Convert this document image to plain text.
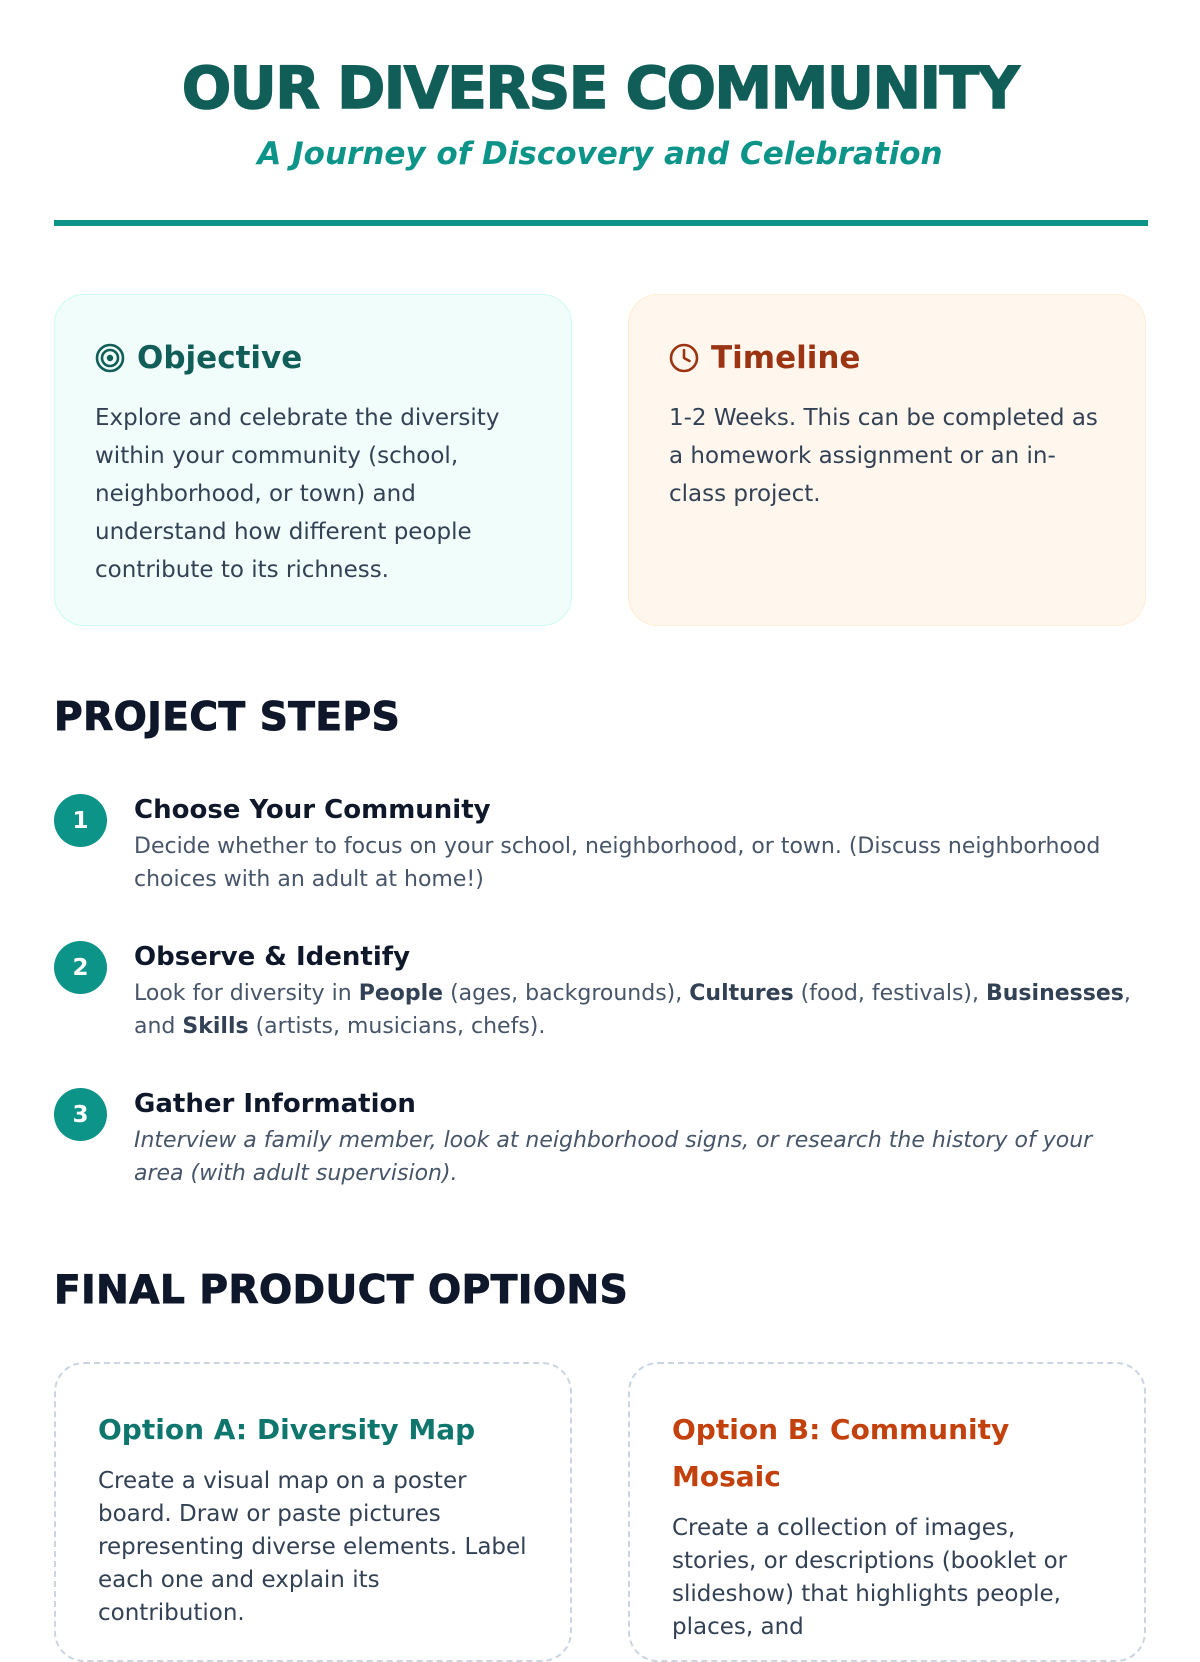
OUR DIVERSE COMMUNITY

A Journey of Discovery and Celebration

Objective

Explore and celebrate the diversity within your community (school, neighborhood, or town) and understand how different people contribute to its richness.

Timeline

1-2 Weeks. This can be completed as a homework assignment or an in-class project.

PROJECT STEPS
1	Choose Your Community

Decide whether to focus on your school, neighborhood, or town. (Discuss neighborhood choices with an adult at home!)

2	Observe & Identify

Look for diversity in People (ages, backgrounds), Cultures (food, festivals), Businesses, and Skills (artists, musicians, chefs).

3	Gather Information

Interview a family member, look at neighborhood signs, or research the history of your area (with adult supervision).

FINAL PRODUCT OPTIONS

Option A: Diversity Map

Create a visual map on a poster board. Draw or paste pictures representing diverse elements. Label each one and explain its contribution.

Option B: Community Mosaic

Create a collection of images, stories, or descriptions (booklet or slideshow) that highlights people, places, and
